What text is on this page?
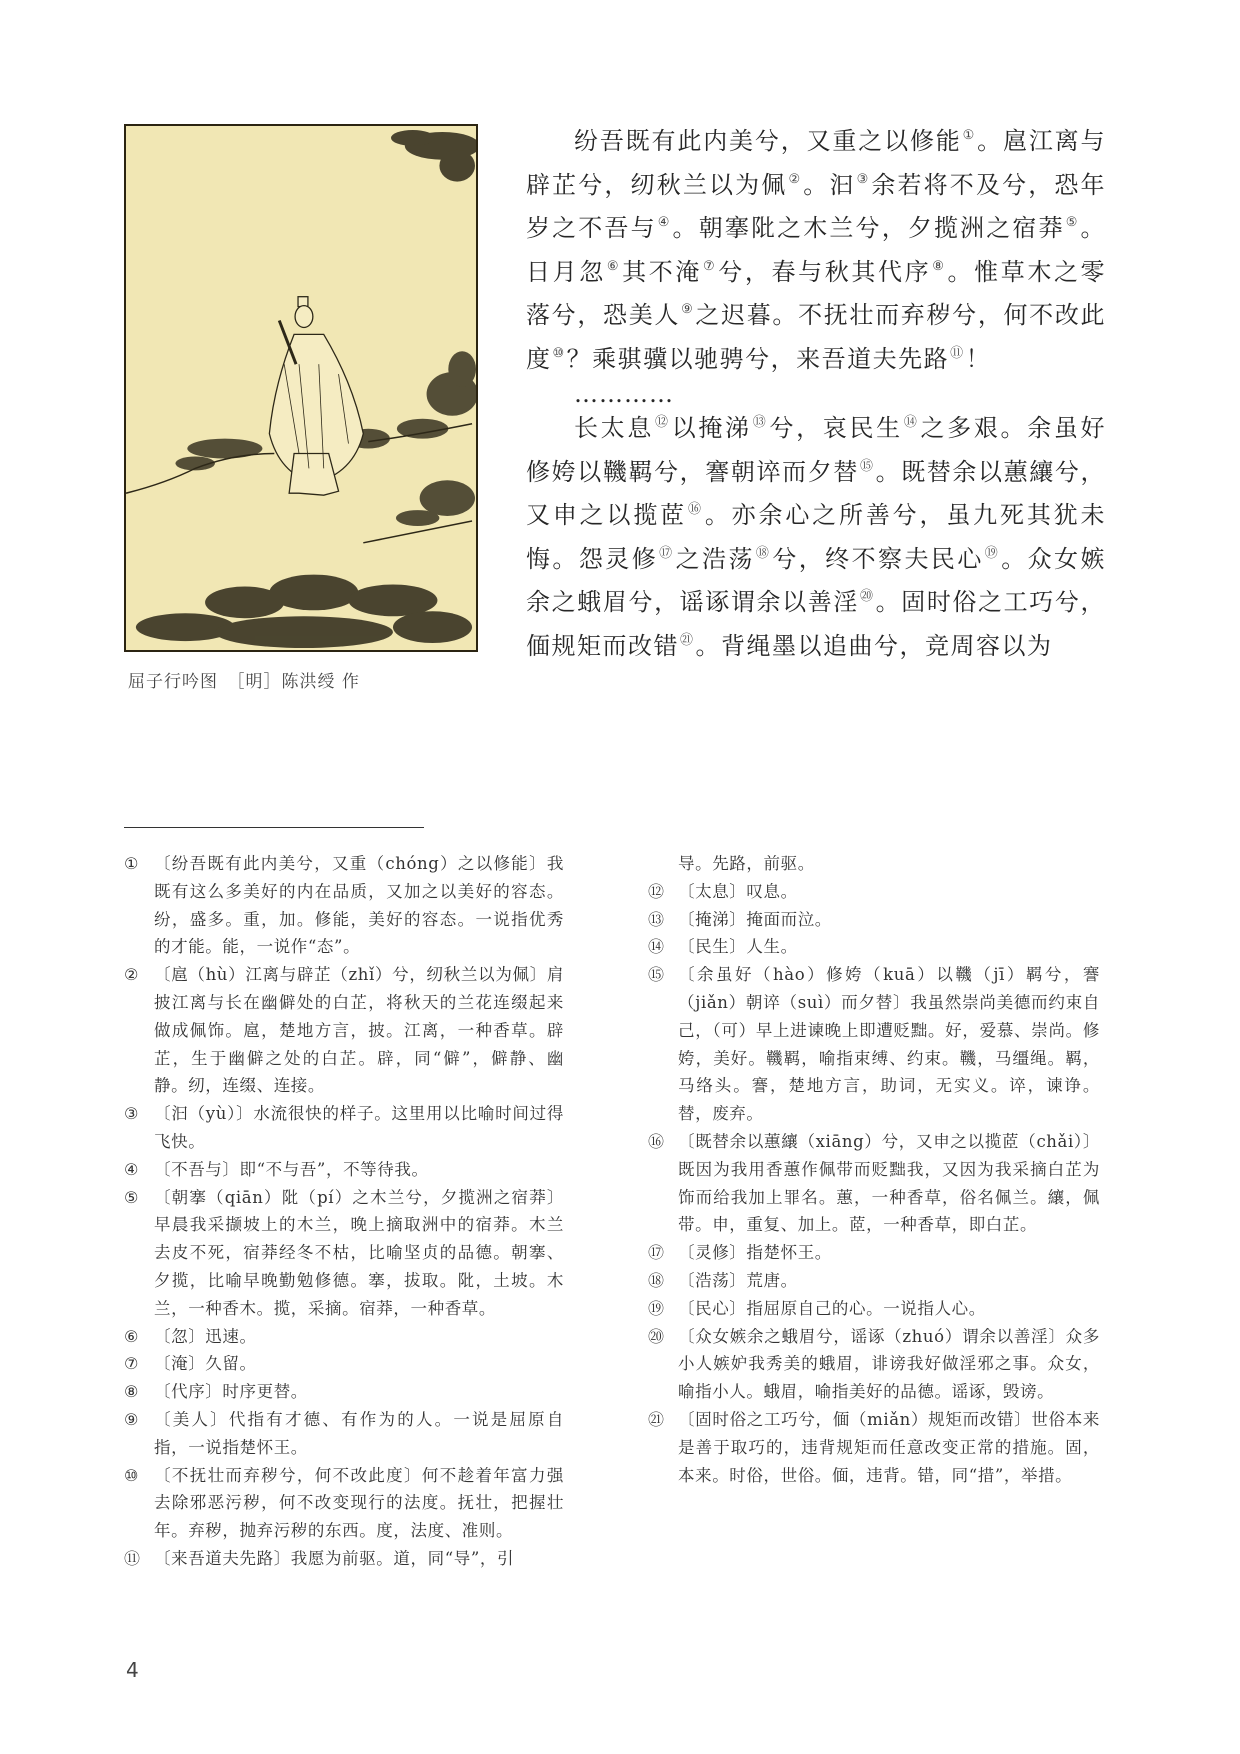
屈子行吟图　［明］陈洪绶 作

纷吾既有此内美兮，又重之以修能①。扈江离与辟芷兮，纫秋兰以为佩②。汩③余若将不及兮，恐年岁之不吾与④。朝搴阰之木兰兮，夕揽洲之宿莽⑤。日月忽⑥其不淹⑦兮，春与秋其代序⑧。惟草木之零落兮，恐美人⑨之迟暮。不抚壮而弃秽兮，何不改此度⑩？乘骐骥以驰骋兮，来吾道夫先路⑪！

…………

长太息⑫以掩涕⑬兮，哀民生⑭之多艰。余虽好修姱以鞿羁兮，謇朝谇而夕替⑮。既替余以蕙纕兮，又申之以揽茝⑯。亦余心之所善兮，虽九死其犹未悔。怨灵修⑰之浩荡⑱兮，终不察夫民心⑲。众女嫉余之蛾眉兮，谣诼谓余以善淫⑳。固时俗之工巧兮，偭规矩而改错$^㉑$。背绳墨以追曲兮，竞周容以为

① 〔纷吾既有此内美兮，又重（chóng）之以修能〕我既有这么多美好的内在品质，又加之以美好的容态。纷，盛多。重，加。修能，美好的容态。一说指优秀的才能。能，一说作“态”。

② 〔扈（hù）江离与辟芷（zhǐ）兮，纫秋兰以为佩〕肩披江离与长在幽僻处的白芷，将秋天的兰花连缀起来做成佩饰。扈，楚地方言，披。江离，一种香草。辟芷，生于幽僻之处的白芷。辟，同“僻”，僻静、幽静。纫，连缀、连接。

③ 〔汩（yù）〕水流很快的样子。这里用以比喻时间过得飞快。

④ 〔不吾与〕即“不与吾”，不等待我。

⑤ 〔朝搴（qiān）阰（pí）之木兰兮，夕揽洲之宿莽〕早晨我采撷坡上的木兰，晚上摘取洲中的宿莽。木兰去皮不死，宿莽经冬不枯，比喻坚贞的品德。朝搴、夕揽，比喻早晚勤勉修德。搴，拔取。阰，土坡。木兰，一种香木。揽，采摘。宿莽，一种香草。

⑥ 〔忽〕迅速。

⑦ 〔淹〕久留。

⑧ 〔代序〕时序更替。

⑨ 〔美人〕代指有才德、有作为的人。一说是屈原自指，一说指楚怀王。

⑩ 〔不抚壮而弃秽兮，何不改此度〕何不趁着年富力强去除邪恶污秽，何不改变现行的法度。抚壮，把握壮年。弃秽，抛弃污秽的东西。度，法度、准则。

⑪ 〔来吾道夫先路〕我愿为前驱。道，同“导”，引

导。先路，前驱。

⑫ 〔太息〕叹息。

⑬ 〔掩涕〕掩面而泣。

⑭ 〔民生〕人生。

⑮ 〔余虽好（hào）修姱（kuā）以鞿（jī）羁兮，謇（jiǎn）朝谇（suì）而夕替〕我虽然崇尚美德而约束自己，（可）早上进谏晚上即遭贬黜。好，爱慕、崇尚。修姱，美好。鞿羁，喻指束缚、约束。鞿，马缰绳。羁，马络头。謇，楚地方言，助词，无实义。谇，谏诤。替，废弃。

⑯ 〔既替余以蕙纕（xiāng）兮，又申之以揽茝（chǎi）〕既因为我用香蕙作佩带而贬黜我，又因为我采摘白芷为饰而给我加上罪名。蕙，一种香草，俗名佩兰。纕，佩带。申，重复、加上。茝，一种香草，即白芷。

⑰ 〔灵修〕指楚怀王。

⑱ 〔浩荡〕荒唐。

⑲ 〔民心〕指屈原自己的心。一说指人心。

⑳ 〔众女嫉余之蛾眉兮，谣诼（zhuó）谓余以善淫〕众多小人嫉妒我秀美的蛾眉，诽谤我好做淫邪之事。众女，喻指小人。蛾眉，喻指美好的品德。谣诼，毁谤。

㉑ 〔固时俗之工巧兮，偭（miǎn）规矩而改错〕世俗本来是善于取巧的，违背规矩而任意改变正常的措施。固，本来。时俗，世俗。偭，违背。错，同“措”，举措。

4
